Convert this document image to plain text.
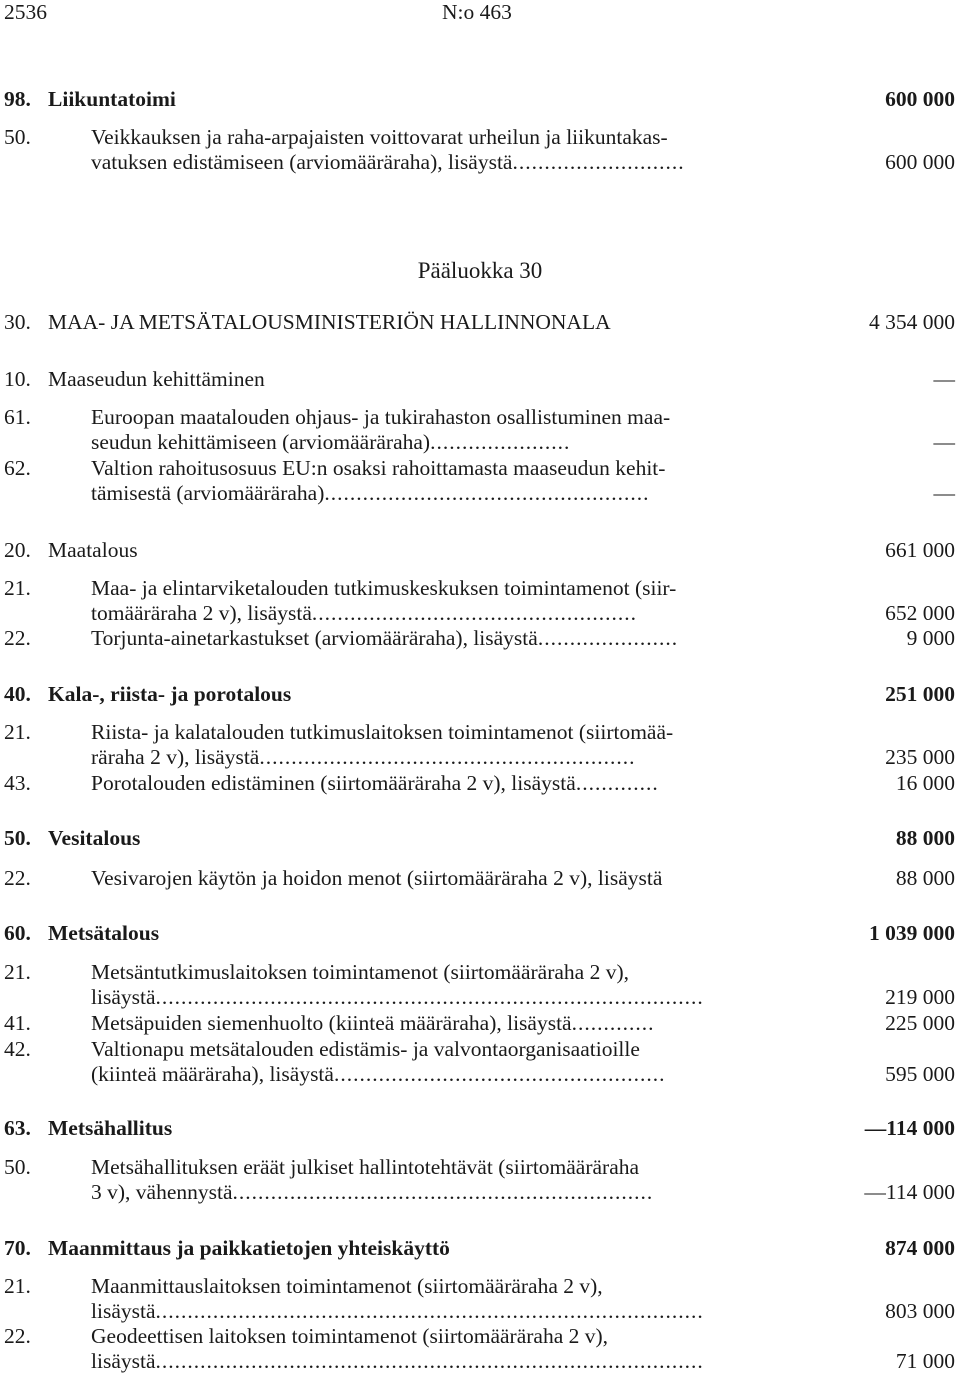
2536	N:o 463
98. Liikuntatoimi	600 000
50.	Veikkauksen ja raha-arpajaisten voittovarat urheilun ja liikuntakas-
vatuksen edistämiseen (arviomääräraha), lisäystä...........................	600 000
Pääluokka 30
30. MAA- JA METSÄTALOUSMINISTERIÖN HALLINNONALA	4 354 000
10. Maaseudun kehittäminen	—
61.	Euroopan maatalouden ohjaus- ja tukirahaston osallistuminen maa-
seudun kehittämiseen (arviomääräraha)......................	—
62.	Valtion rahoitusosuus EU:n osaksi rahoittamasta maaseudun kehit-
tämisestä (arviomääräraha)...................................................	—
20. Maatalous	661 000
21.	Maa- ja elintarviketalouden tutkimuskeskuksen toimintamenot (siir-
tomääräraha 2 v), lisäystä...................................................	652 000
22.	Torjunta-ainetarkastukset (arviomääräraha), lisäystä......................	9 000
40. Kala-, riista- ja porotalous	251 000
21.	Riista- ja kalatalouden tutkimuslaitoksen toimintamenot (siirtomää-
räraha 2 v), lisäystä...........................................................	235 000
43.	Porotalouden edistäminen (siirtomääräraha 2 v), lisäystä.............	16 000
50. Vesitalous	88 000
22.	Vesivarojen käytön ja hoidon menot (siirtomääräraha 2 v), lisäystä	88 000
60. Metsätalous	1 039 000
21.	Metsäntutkimuslaitoksen toimintamenot (siirtomääräraha 2 v),
lisäystä......................................................................................	219 000
41.	Metsäpuiden siemenhuolto (kiinteä määräraha), lisäystä.............	225 000
42.	Valtionapu metsätalouden edistämis- ja valvontaorganisaatioille
(kiinteä määräraha), lisäystä....................................................	595 000
63. Metsähallitus	—114 000
50.	Metsähallituksen eräät julkiset hallintotehtävät (siirtomääräraha
3 v), vähennystä..................................................................	—114 000
70. Maanmittaus ja paikkatietojen yhteiskäyttö	874 000
21.	Maanmittauslaitoksen toimintamenot (siirtomääräraha 2 v),
lisäystä......................................................................................	803 000
22.	Geodeettisen laitoksen toimintamenot (siirtomääräraha 2 v),
lisäystä......................................................................................	71 000
